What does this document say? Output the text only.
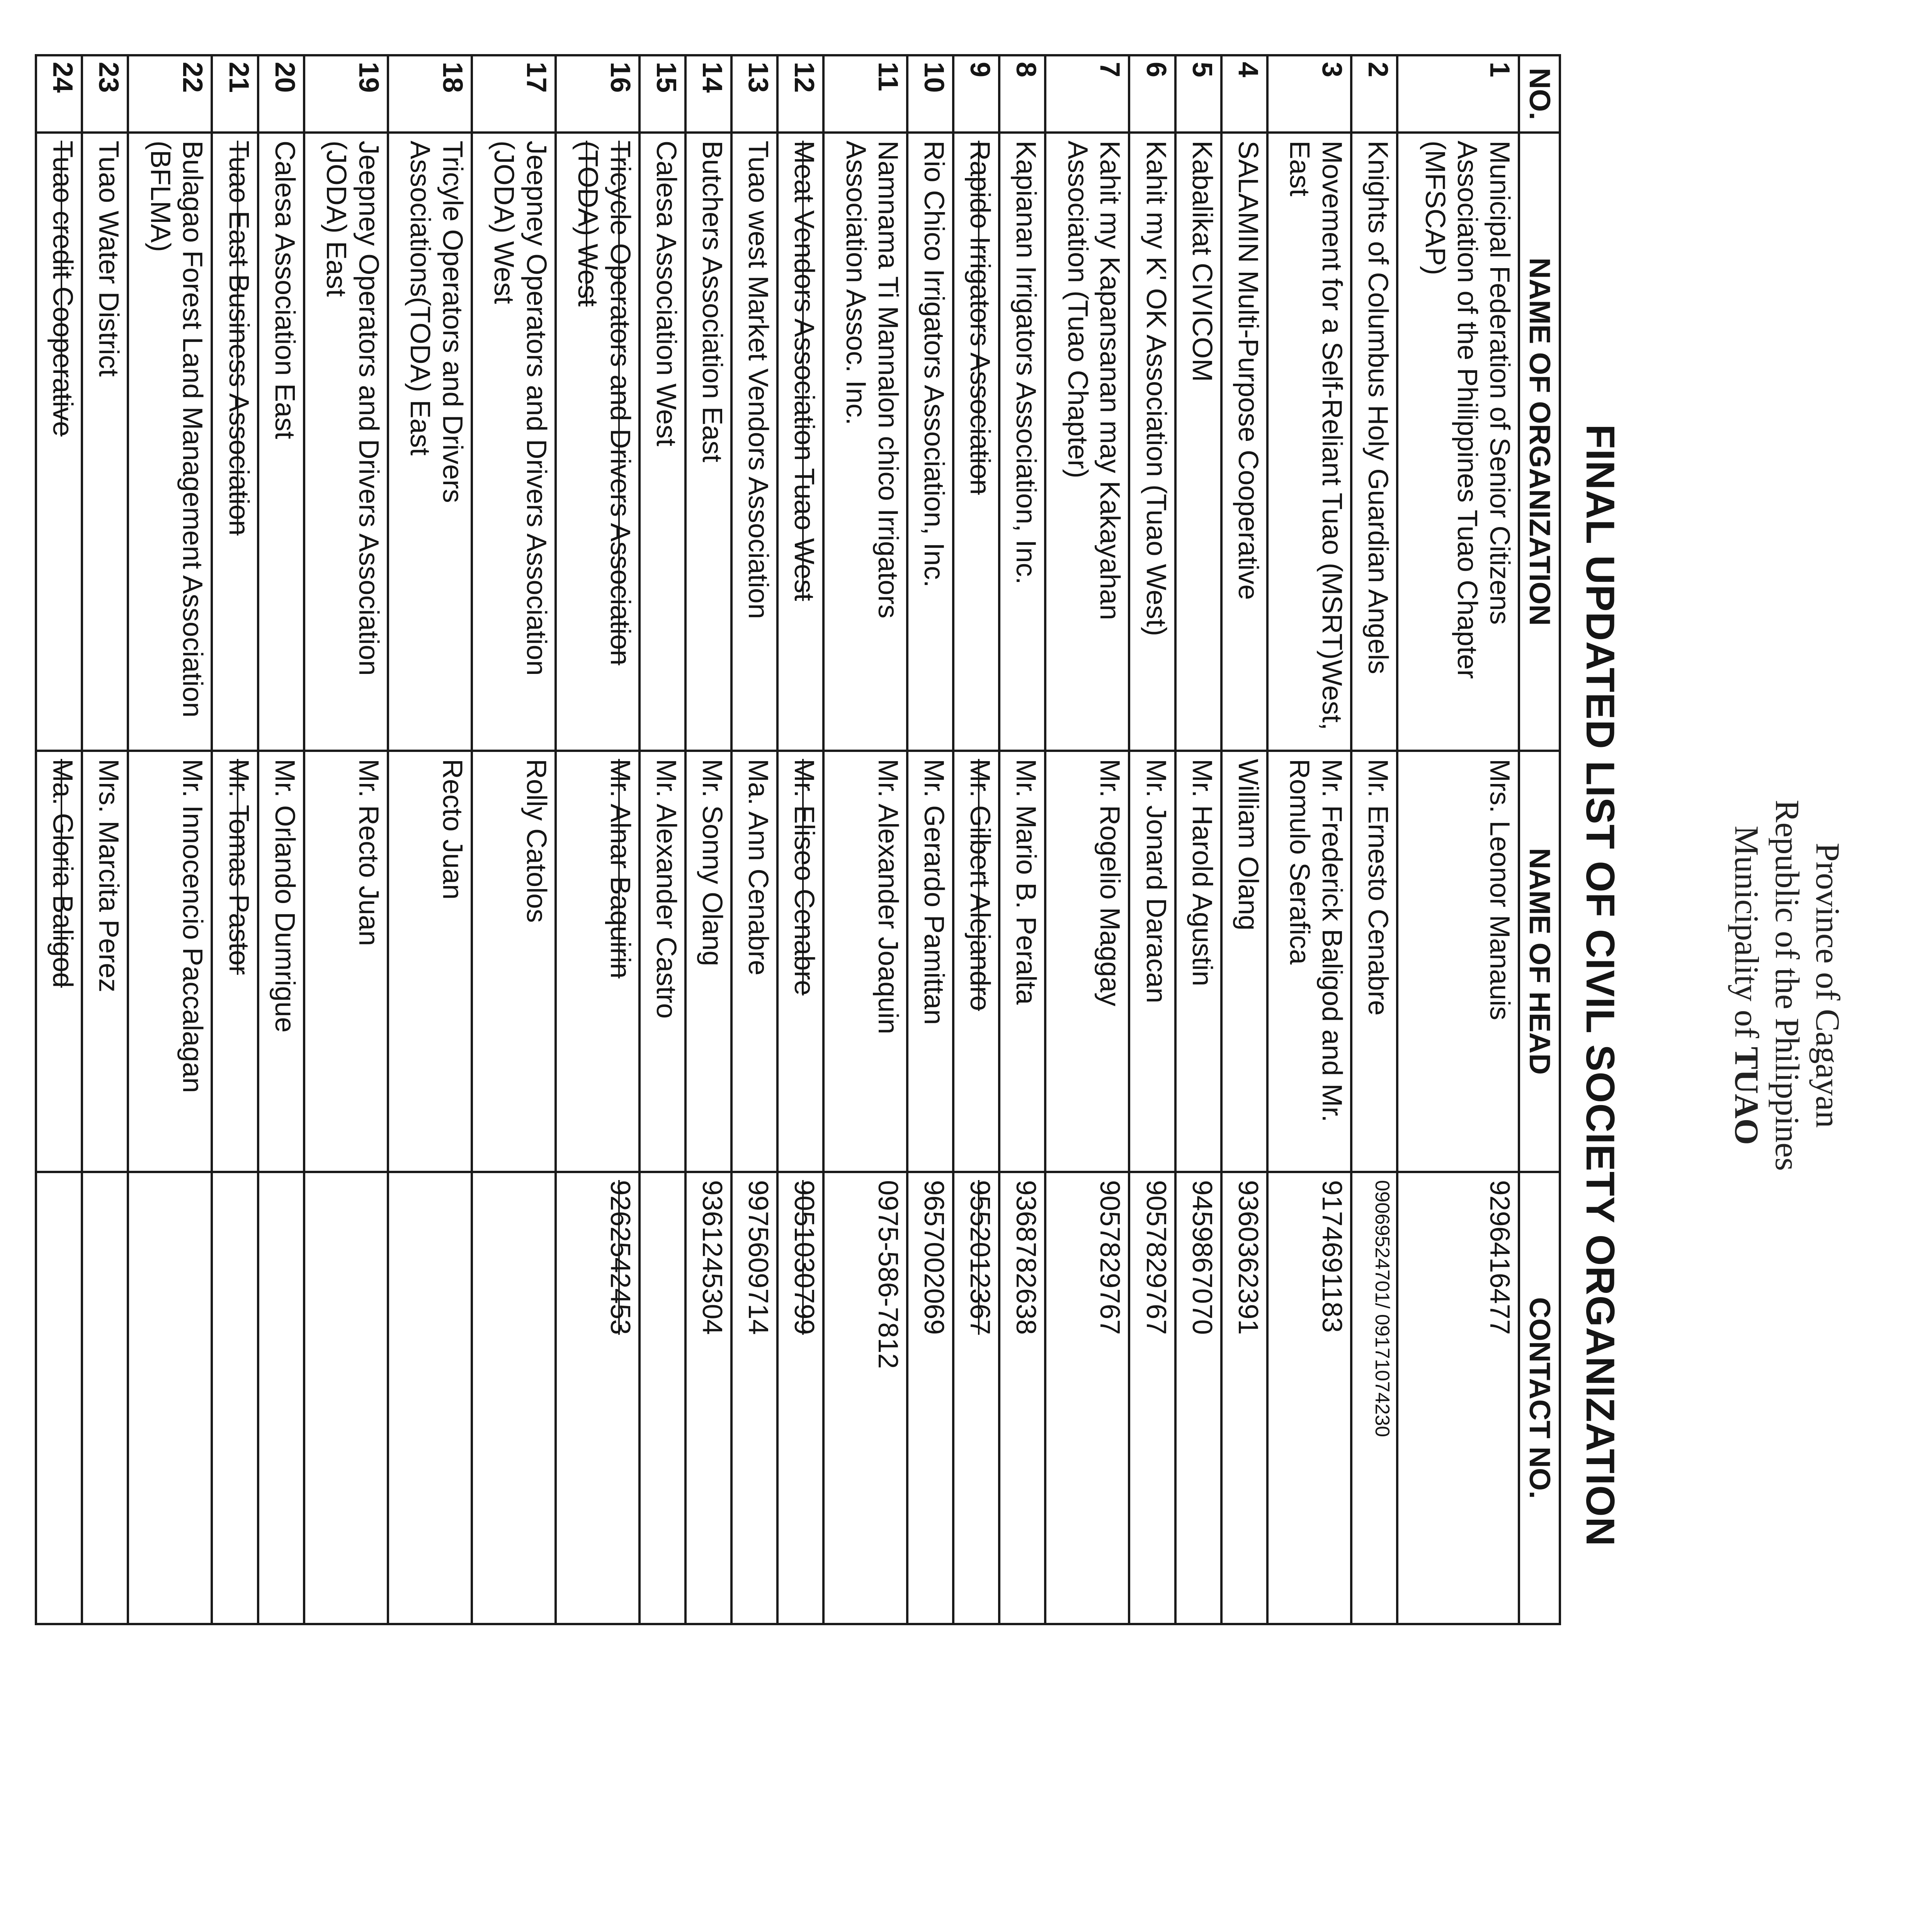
Province of Cagayan
Republic of the Philippines
Municipality of TUAO
FINAL UPDATED LIST OF CIVIL SOCIETY ORGANIZATION
NO.	NAME OF ORGANIZATION	NAME OF HEAD	CONTACT NO.
1	Municipal Federation of Senior Citizens Association of the Philippines Tuao Chapter (MFSCAP)	Mrs. Leonor Manauis	9296416477
2	Knights of Columbus Holy Guardian Angels	Mr. Ernesto Cenabre	09069524701/ 09171074230
3	Movement for a Self-Reliant Tuao (MSRT)West, East	Mr. Frederick Baligod and Mr. Romulo Serafica	9174691183
4	SALAMIN Multi-Purpose Cooperative	William Olang	9360362391
5	Kabalikat CIVICOM	Mr. Harold Agustin	9459867070
6	Kahit my K' OK Association (Tuao West)	Mr. Jonard Daracan	9057829767
7	Kahit my Kapansanan may Kakayahan Association (Tuao Chapter)	Mr. Rogelio Maggay	9057829767
8	Kapianan Irrigators Association, Inc.	Mr. Mario B. Peralta	9368782638
9	Rapido Irrigators Association	Mr. Gilbert Alejandro	9552012367
10	Rio Chico Irrigators Association, Inc.	Mr. Gerardo Pamittan	9657002069
11	Namnama Ti Mannalon chico Irrigators Association Assoc. Inc.	Mr. Alexander Joaquin	0975-586-7812
12	Meat Vendors Association Tuao West	Mr. Eliseo Cenabre	9051030799
13	Tuao west Market Vendors Association	Ma. Ann Cenabre	9975609714
14	Butchers Association East	Mr. Sonny Olang	9361245304
15	Calesa Association West	Mr. Alexander Castro	
16	Tricycle Operators and Drivers Association (TODA) West	Mr. Alnar Baquirin	9262542453
17	Jeepney Operators and Drivers Association (JODA) West	Rolly Catolos	
18	Tricyle Operators and Drivers Associations(TODA) East	Recto Juan	
19	Jeepney Operators and Drivers Association (JODA) East	Mr. Recto Juan	
20	Calesa Association East	Mr. Orlando Dumrigue	
21	Tuao East Business Association	Mr. Tomas Pastor	
22	Bulagao Forest Land Management Association (BFLMA)	Mr. Innocencio Paccalagan	
23	Tuao Water District	Mrs. Marcita Perez	
24	Tuao credit Cooperative	Ma. Gloria Baligod	
